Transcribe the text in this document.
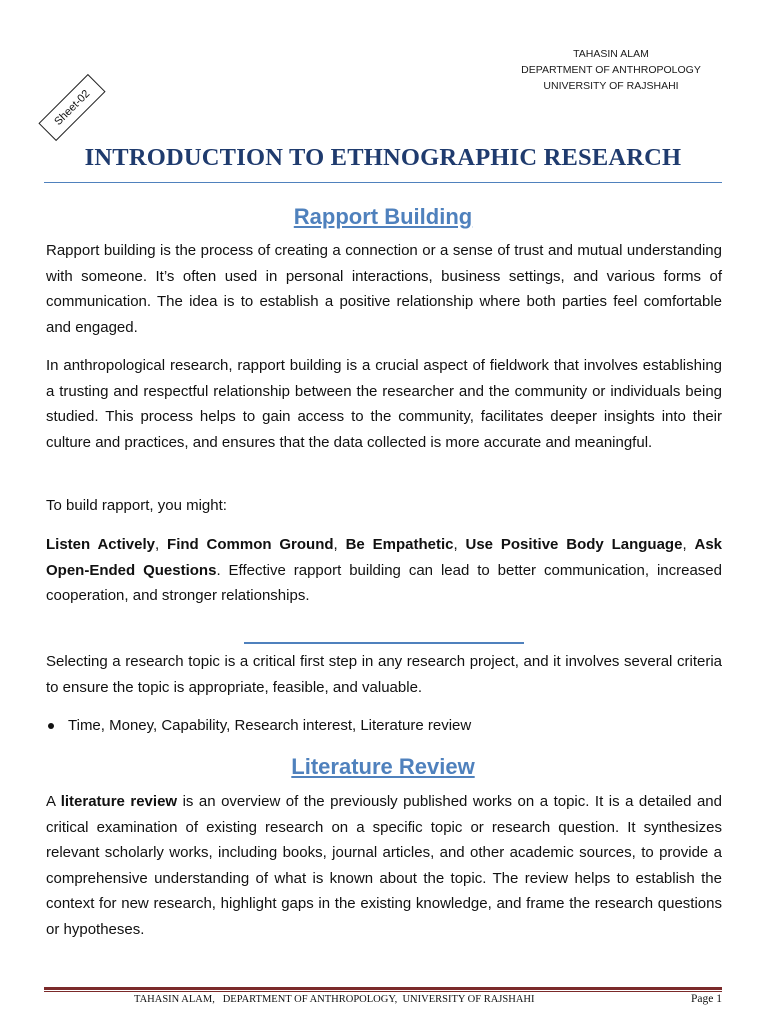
TAHASIN ALAM
DEPARTMENT OF ANTHROPOLOGY
UNIVERSITY OF RAJSHAHI
Sheet-02
INTRODUCTION TO ETHNOGRAPHIC RESEARCH
Rapport Building

Rapport building is the process of creating a connection or a sense of trust and mutual understanding with someone. It’s often used in personal interactions, business settings, and various forms of communication. The idea is to establish a positive relationship where both parties feel comfortable and engaged.

In anthropological research, rapport building is a crucial aspect of fieldwork that involves establishing a trusting and respectful relationship between the researcher and the community or individuals being studied. This process helps to gain access to the community, facilitates deeper insights into their culture and practices, and ensures that the data collected is more accurate and meaningful.

To build rapport, you might:

Listen Actively, Find Common Ground, Be Empathetic, Use Positive Body Language, Ask Open-Ended Questions. Effective rapport building can lead to better communication, increased cooperation, and stronger relationships.

Selecting a research topic is a critical first step in any research project, and it involves several criteria to ensure the topic is appropriate, feasible, and valuable.

Time, Money, Capability, Research interest, Literature review
Literature Review

A literature review is an overview of the previously published works on a topic. It is a detailed and critical examination of existing research on a specific topic or research question. It synthesizes relevant scholarly works, including books, journal articles, and other academic sources, to provide a comprehensive understanding of what is known about the topic. The review helps to establish the context for new research, highlight gaps in the existing knowledge, and frame the research questions or hypotheses.

TAHASIN ALAM,   DEPARTMENT OF ANTHROPOLOGY,  UNIVERSITY OF RAJSHAHI	Page 1
